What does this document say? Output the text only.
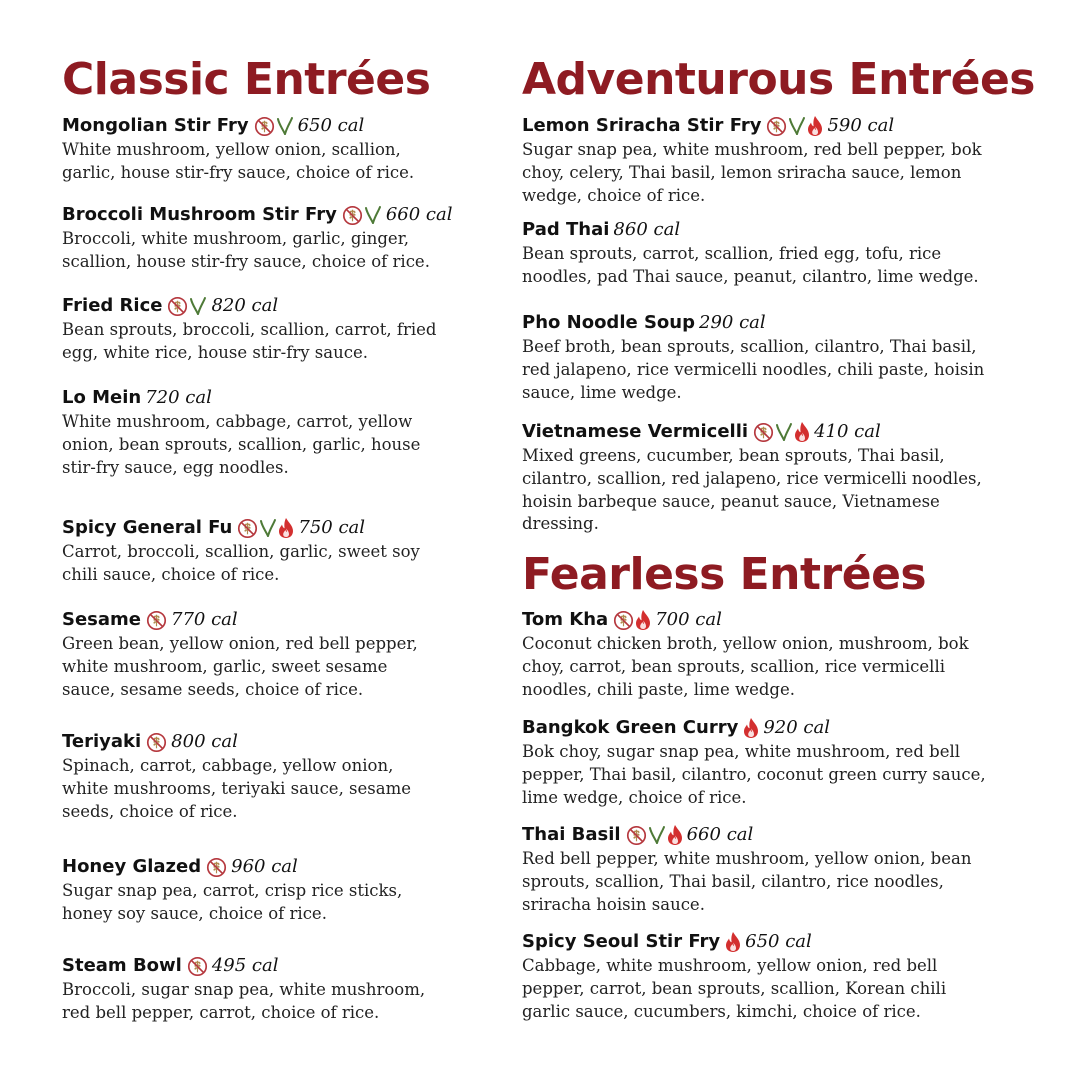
Classic Entrées
Mongolian Stir Fry	650 cal
White mushroom, yellow onion, scallion,
garlic, house stir-fry sauce, choice of rice.
Broccoli Mushroom Stir Fry	660 cal
Broccoli, white mushroom, garlic, ginger,
scallion, house stir-fry sauce, choice of rice.
Fried Rice	820 cal
Bean sprouts, broccoli, scallion, carrot, fried
egg, white rice, house stir-fry sauce.
Lo Mein 720 cal
White mushroom, cabbage, carrot, yellow
onion, bean sprouts, scallion, garlic, house
stir-fry sauce, egg noodles.
Spicy General Fu	750 cal
Carrot, broccoli, scallion, garlic, sweet soy
chili sauce, choice of rice.
Sesame 770 cal
Green bean, yellow onion, red bell pepper,
white mushroom, garlic, sweet sesame
sauce, sesame seeds, choice of rice.
Teriyaki 800 cal
Spinach, carrot, cabbage, yellow onion,
white mushrooms, teriyaki sauce, sesame
seeds, choice of rice.
Honey Glazed 960 cal
Sugar snap pea, carrot, crisp rice sticks,
honey soy sauce, choice of rice.
Steam Bowl 495 cal
Broccoli, sugar snap pea, white mushroom,
red bell pepper, carrot, choice of rice.
Adventurous Entrées
Lemon Sriracha Stir Fry	590 cal
Sugar snap pea, white mushroom, red bell pepper, bok
choy, celery, Thai basil, lemon sriracha sauce, lemon
wedge, choice of rice.
Pad Thai 860 cal
Bean sprouts, carrot, scallion, fried egg, tofu, rice
noodles, pad Thai sauce, peanut, cilantro, lime wedge.
Pho Noodle Soup 290 cal
Beef broth, bean sprouts, scallion, cilantro, Thai basil,
red jalapeno, rice vermicelli noodles, chili paste, hoisin
sauce, lime wedge.
Vietnamese Vermicelli	410 cal
Mixed greens, cucumber, bean sprouts, Thai basil,
cilantro, scallion, red jalapeno, rice vermicelli noodles,
hoisin barbeque sauce, peanut sauce, Vietnamese
dressing.
Fearless Entrées
Tom Kha	700 cal
Coconut chicken broth, yellow onion, mushroom, bok
choy, carrot, bean sprouts, scallion, rice vermicelli
noodles, chili paste, lime wedge.
Bangkok Green Curry 920 cal
Bok choy, sugar snap pea, white mushroom, red bell
pepper, Thai basil, cilantro, coconut green curry sauce,
lime wedge, choice of rice.
Thai Basil	660 cal
Red bell pepper, white mushroom, yellow onion, bean
sprouts, scallion, Thai basil, cilantro, rice noodles,
sriracha hoisin sauce.
Spicy Seoul Stir Fry 650 cal
Cabbage, white mushroom, yellow onion, red bell
pepper, carrot, bean sprouts, scallion, Korean chili
garlic sauce, cucumbers, kimchi, choice of rice.
